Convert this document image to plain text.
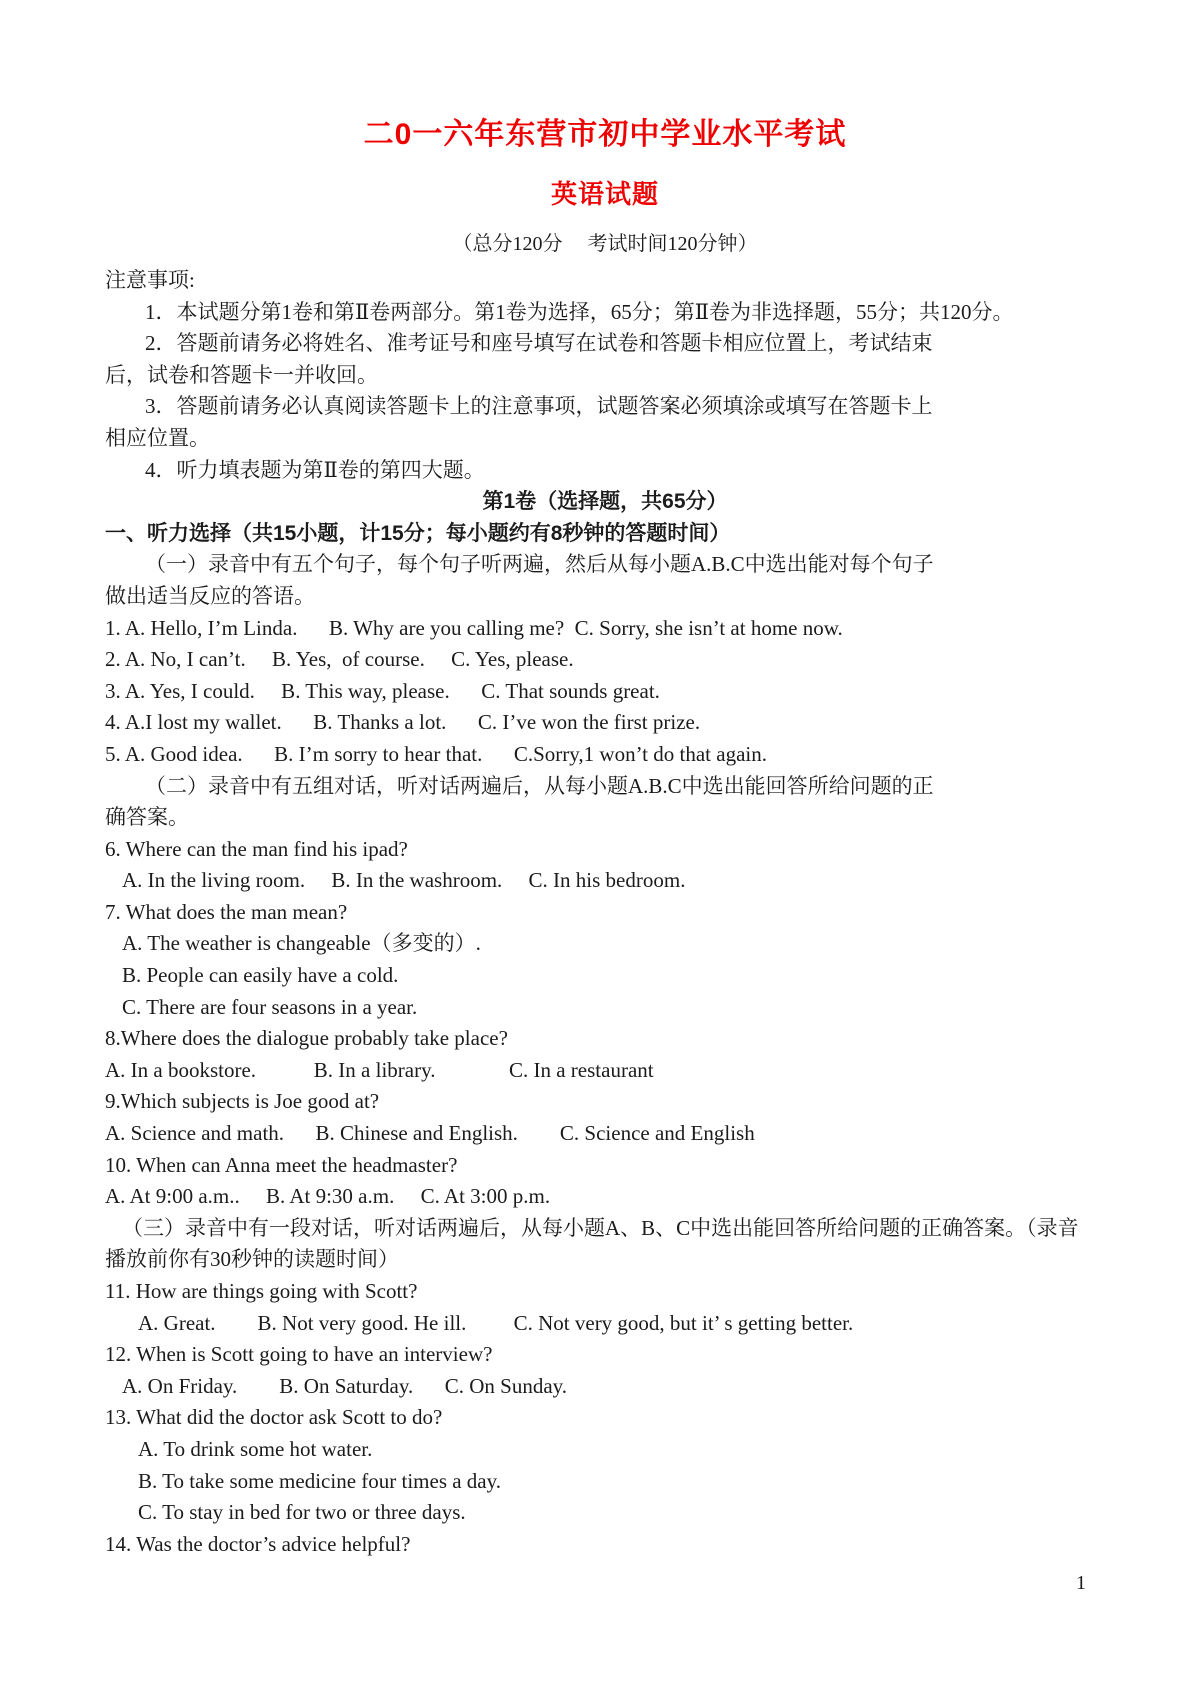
二0一六年东营市初中学业水平考试
英语试题
（总分120分　 考试时间120分钟）
注意事项:
1．本试题分第1卷和第Ⅱ卷两部分。第1卷为选择，65分；第Ⅱ卷为非选择题，55分；共120分。
2．答题前请务必将姓名、准考证号和座号填写在试卷和答题卡相应位置上，考试结束
后，试卷和答题卡一并收回。
3．答题前请务必认真阅读答题卡上的注意事项，试题答案必须填涂或填写在答题卡上
相应位置。
4．听力填表题为第Ⅱ卷的第四大题。
第1卷（选择题，共65分）
一、听力选择（共15小题，计15分；每小题约有8秒钟的答题时间）
（一）录音中有五个句子，每个句子听两遍，然后从每小题A.B.C中选出能对每个句子
做出适当反应的答语。
1. A. Hello, I’m Linda.      B. Why are you calling me?  C. Sorry, she isn’t at home now.
2. A. No, I can’t.     B. Yes,  of course.     C. Yes, please.
3. A. Yes, I could.     B. This way, please.      C. That sounds great.
4. A.I lost my wallet.      B. Thanks a lot.      C. I’ve won the first prize.
5. A. Good idea.      B. I’m sorry to hear that.      C.Sorry,1 won’t do that again.
（二）录音中有五组对话，听对话两遍后，从每小题A.B.C中选出能回答所给问题的正
确答案。
6. Where can the man find his ipad?
A. In the living room.     B. In the washroom.     C. In his bedroom.
7. What does the man mean?
A. The weather is changeable（多变的）.
B. People can easily have a cold.
C. There are four seasons in a year.
8.Where does the dialogue probably take place?
A. In a bookstore.           B. In a library.              C. In a restaurant
9.Which subjects is Joe good at?
A. Science and math.      B. Chinese and English.        C. Science and English
10. When can Anna meet the headmaster?
A. At 9:00 a.m..     B. At 9:30 a.m.     C. At 3:00 p.m.
（三）录音中有一段对话，听对话两遍后，从每小题A、B、C中选出能回答所给问题的正确答案。（录音
播放前你有30秒钟的读题时间）
11. How are things going with Scott?
A. Great.        B. Not very good. He ill.         C. Not very good, but it’ s getting better.
12. When is Scott going to have an interview?
A. On Friday.        B. On Saturday.      C. On Sunday.
13. What did the doctor ask Scott to do?
A. To drink some hot water.
B. To take some medicine four times a day.
C. To stay in bed for two or three days.
14. Was the doctor’s advice helpful?
1
